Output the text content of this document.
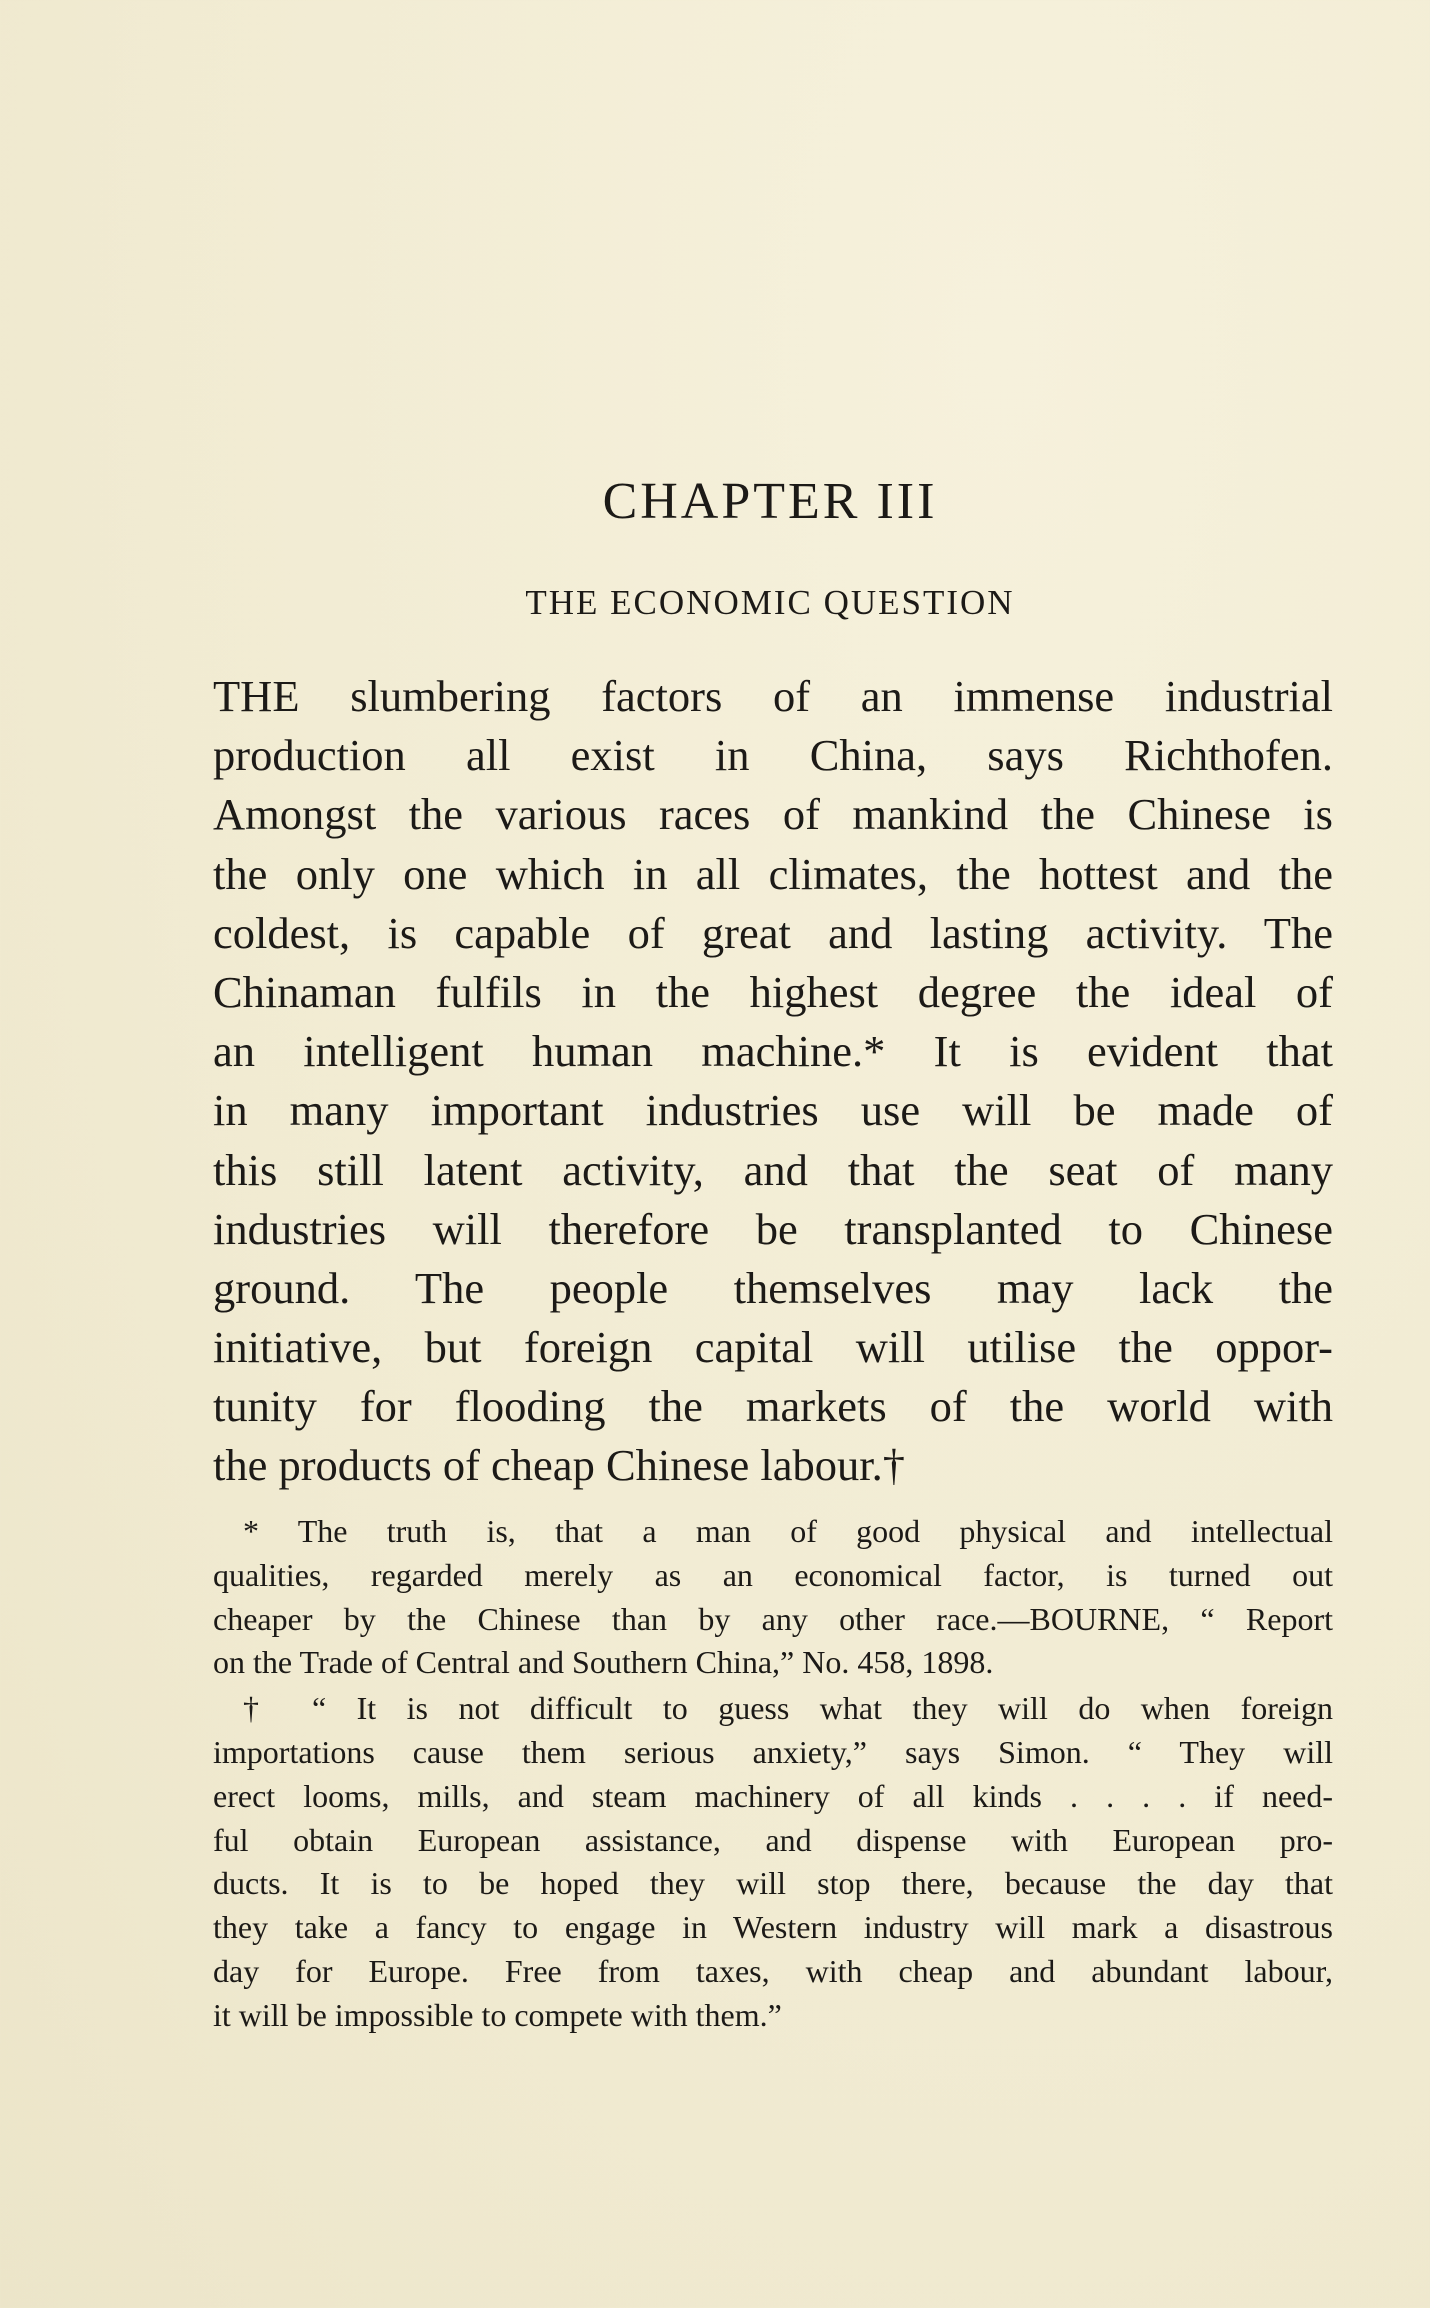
CHAPTER III
THE ECONOMIC QUESTION
THE slumbering factors of an immense industrial
production all exist in China, says Richthofen.
Amongst the various races of mankind the Chinese is
the only one which in all climates, the hottest and the
coldest, is capable of great and lasting activity. The
Chinaman fulfils in the highest degree the ideal of
an intelligent human machine.* It is evident that
in many important industries use will be made of
this still latent activity, and that the seat of many
industries will therefore be transplanted to Chinese
ground. The people themselves may lack the
initiative, but foreign capital will utilise the oppor-
tunity for flooding the markets of the world with
the products of cheap Chinese labour.†
* The truth is, that a man of good physical and intellectual
qualities, regarded merely as an economical factor, is turned out
cheaper by the Chinese than by any other race.—BOURNE, “ Report
on the Trade of Central and Southern China,” No. 458, 1898.
† “ It is not difficult to guess what they will do when foreign
importations cause them serious anxiety,” says Simon. “ They will
erect looms, mills, and steam machinery of all kinds . . . . if need-
ful obtain European assistance, and dispense with European pro-
ducts. It is to be hoped they will stop there, because the day that
they take a fancy to engage in Western industry will mark a disastrous
day for Europe. Free from taxes, with cheap and abundant labour,
it will be impossible to compete with them.”
